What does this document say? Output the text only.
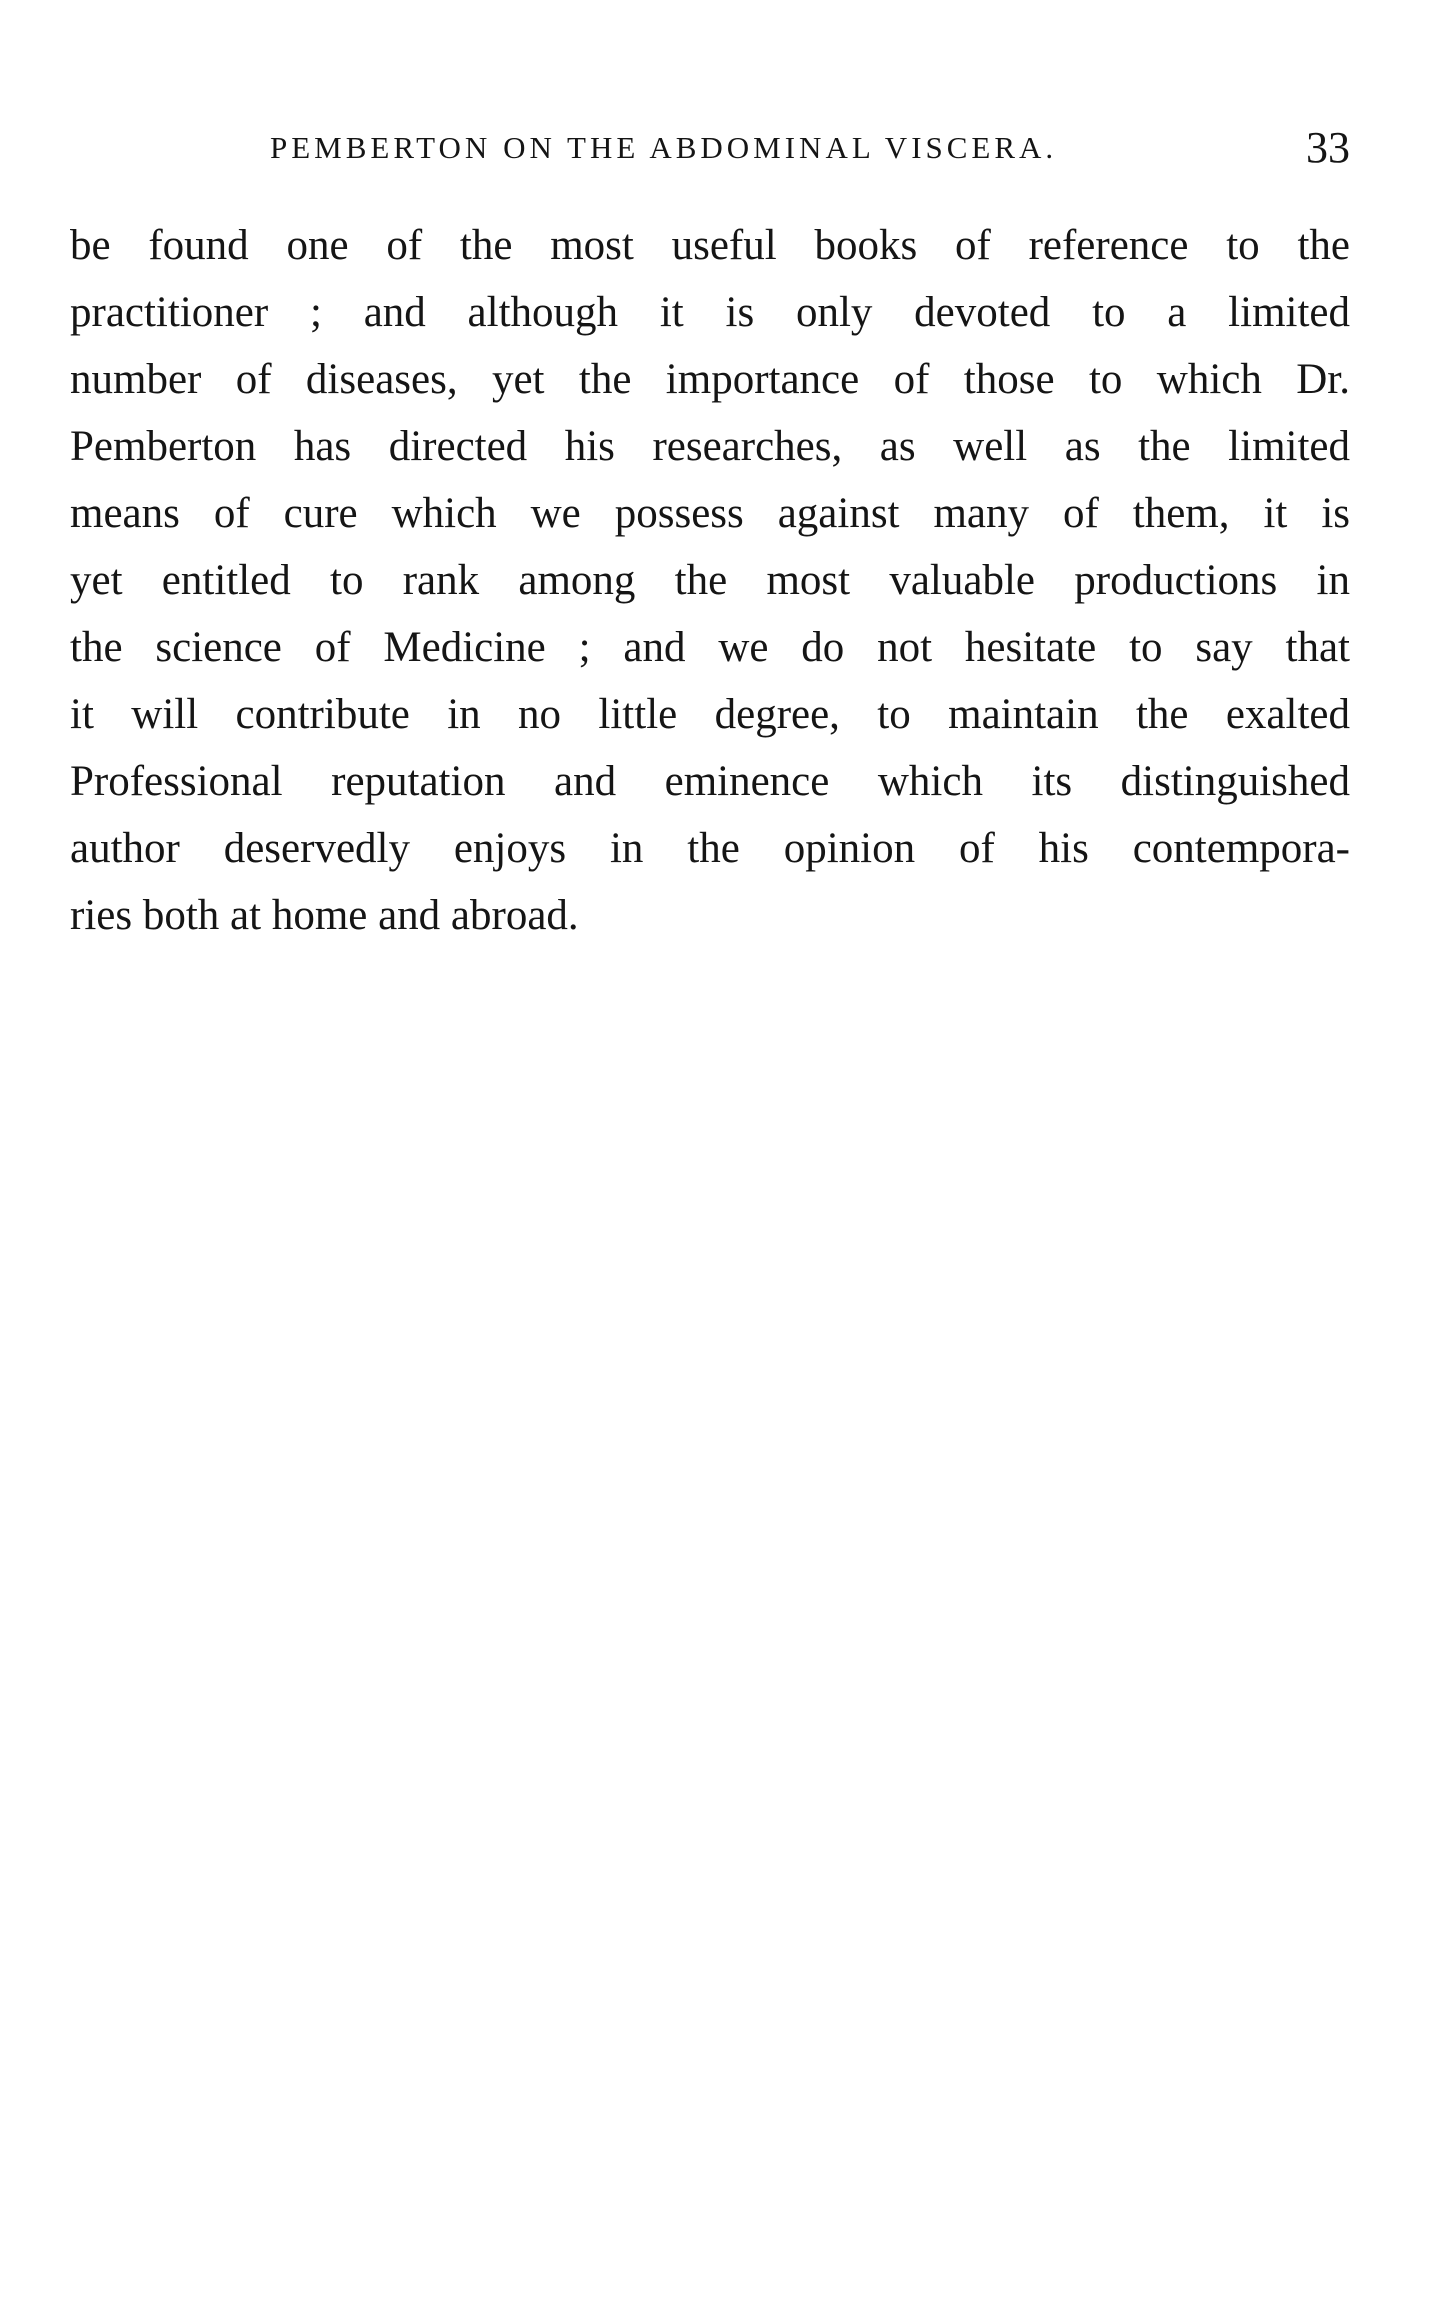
PEMBERTON ON THE ABDOMINAL VISCERA.	33
be found one of the most useful books of reference to the
practitioner ; and although it is only devoted to a limited
number of diseases, yet the importance of those to which Dr.
Pemberton has directed his researches, as well as the limited
means of cure which we possess against many of them, it is
yet entitled to rank among the most valuable productions in
the science of Medicine ; and we do not hesitate to say that
it will contribute in no little degree, to maintain the exalted
Professional reputation and eminence which its distinguished
author deservedly enjoys in the opinion of his contempora-
ries both at home and abroad.
